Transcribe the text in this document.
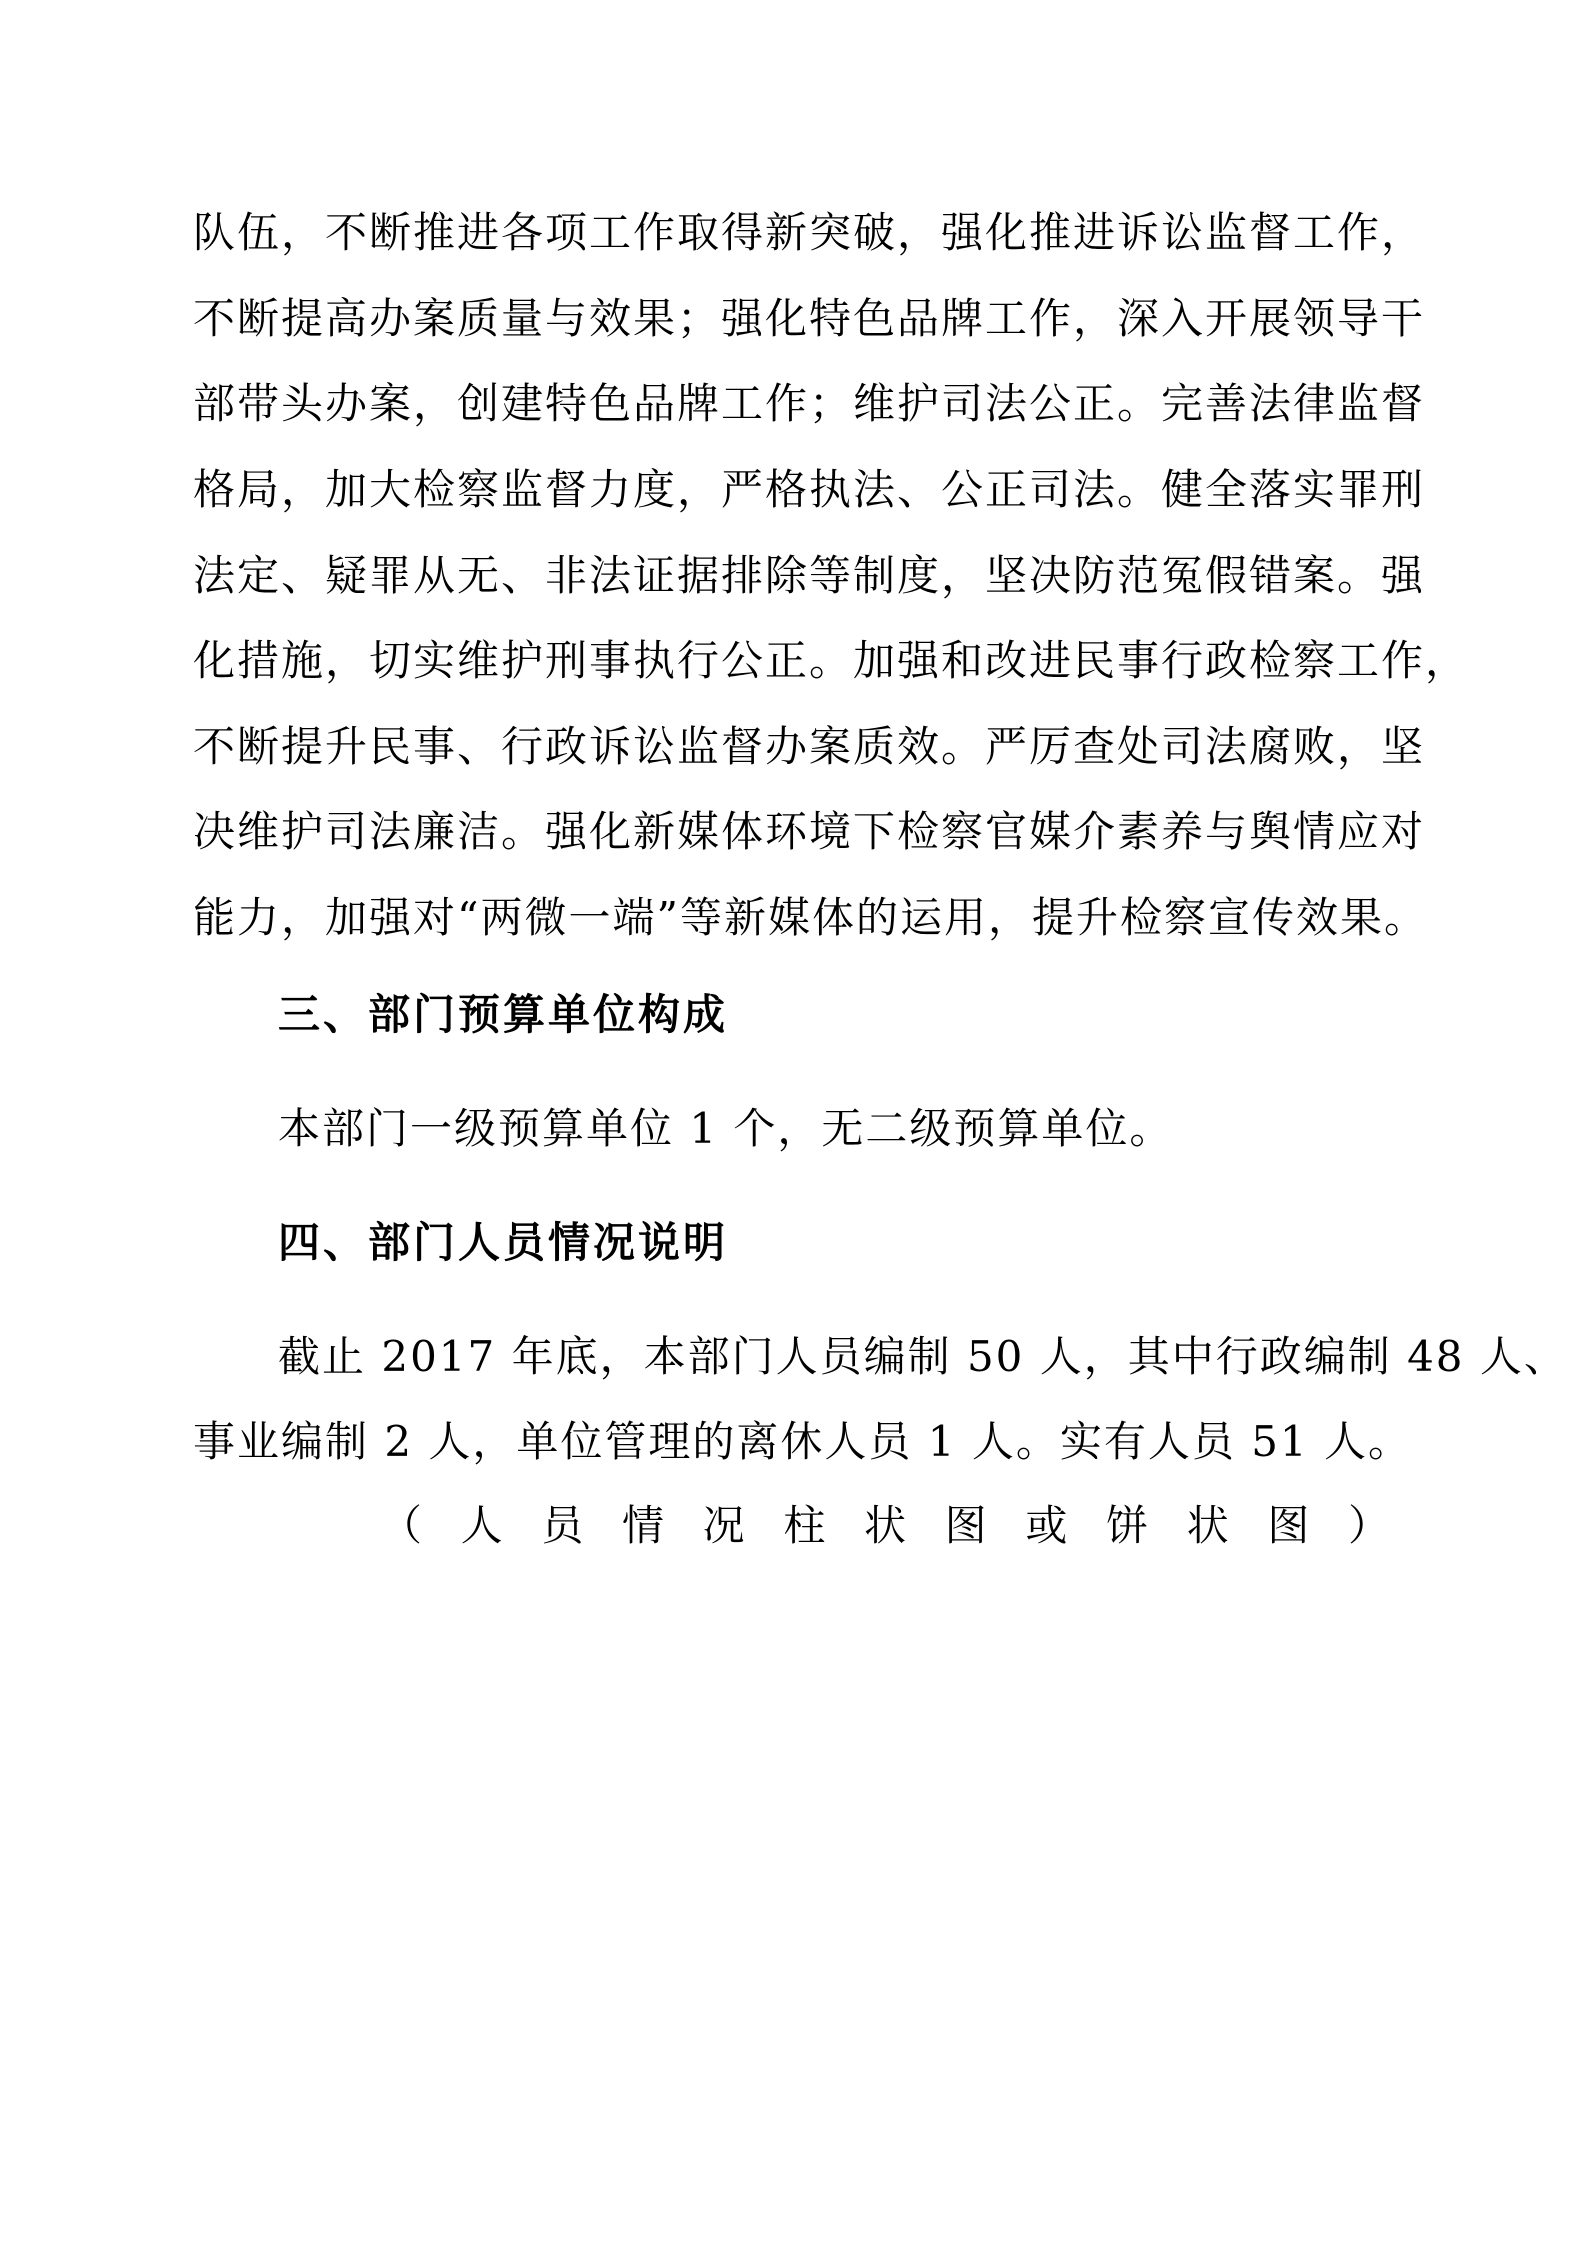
队伍，不断推进各项工作取得新突破，强化推进诉讼监督工作，
不断提高办案质量与效果；强化特色品牌工作，深入开展领导干
部带头办案，创建特色品牌工作；维护司法公正。完善法律监督
格局，加大检察监督力度，严格执法、公正司法。健全落实罪刑
法定、疑罪从无、非法证据排除等制度，坚决防范冤假错案。强
化措施，切实维护刑事执行公正。加强和改进民事行政检察工作，
不断提升民事、行政诉讼监督办案质效。严厉查处司法腐败，坚
决维护司法廉洁。强化新媒体环境下检察官媒介素养与舆情应对
能力，加强对“两微一端”等新媒体的运用，提升检察宣传效果。
三、部门预算单位构成
本部门一级预算单位 1 个，无二级预算单位。
四、部门人员情况说明
截止 2017 年底，本部门人员编制 50 人，其中行政编制 48 人、
事业编制 2 人，单位管理的离休人员 1 人。实有人员 51 人。
（ 人 员 情 况 柱 状 图 或 饼 状 图 ）
